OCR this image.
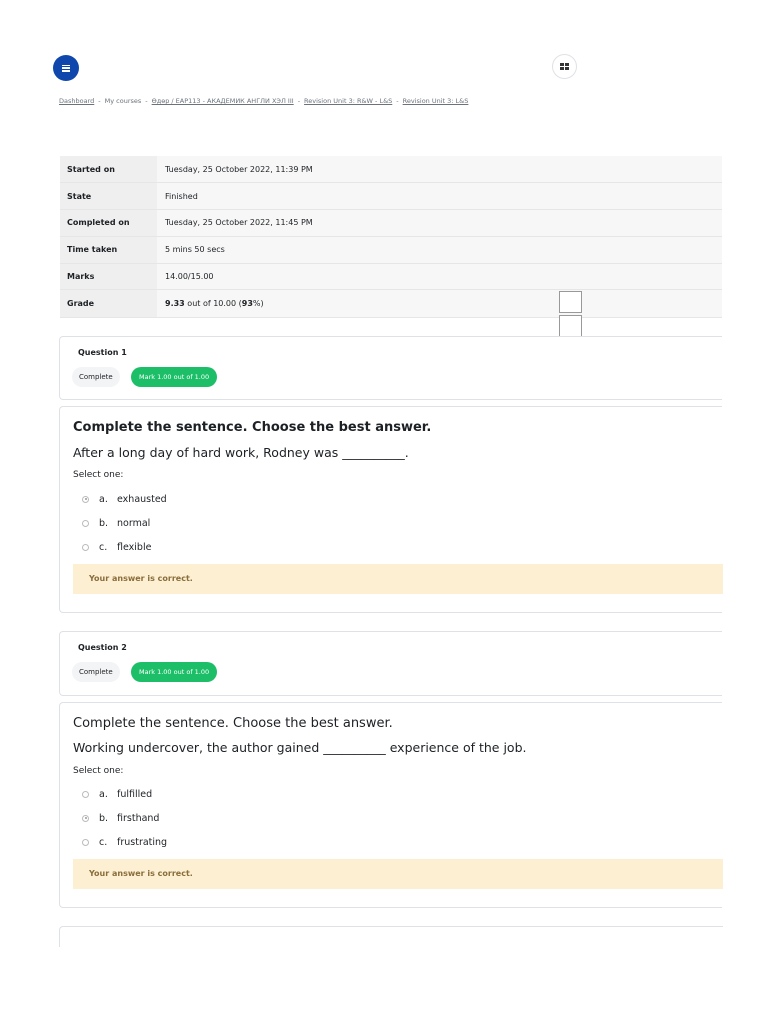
Dashboard - My courses - Өдөр / EAP113 - АКАДЕМИК АНГЛИ ХЭЛ III - Revision Unit 3: R&W - L&S - Revision Unit 3: L&S
Started on	Tuesday, 25 October 2022, 11:39 PM
State	Finished
Completed on	Tuesday, 25 October 2022, 11:45 PM
Time taken	5 mins 50 secs
Marks	14.00/15.00
Grade	9.33 out of 10.00 (93%)
Question 1
Complete	Mark 1.00 out of 1.00
Complete the sentence. Choose the best answer.
After a long day of hard work, Rodney was __________.
Select one:
a. exhausted
b. normal
c.	flexible
Your answer is correct.
Question 2
Complete	Mark 1.00 out of 1.00
Complete the sentence. Choose the best answer.
Working undercover, the author gained __________ experience of the job.
Select one:
a. fulfilled
b. firsthand
c.	frustrating
Your answer is correct.
